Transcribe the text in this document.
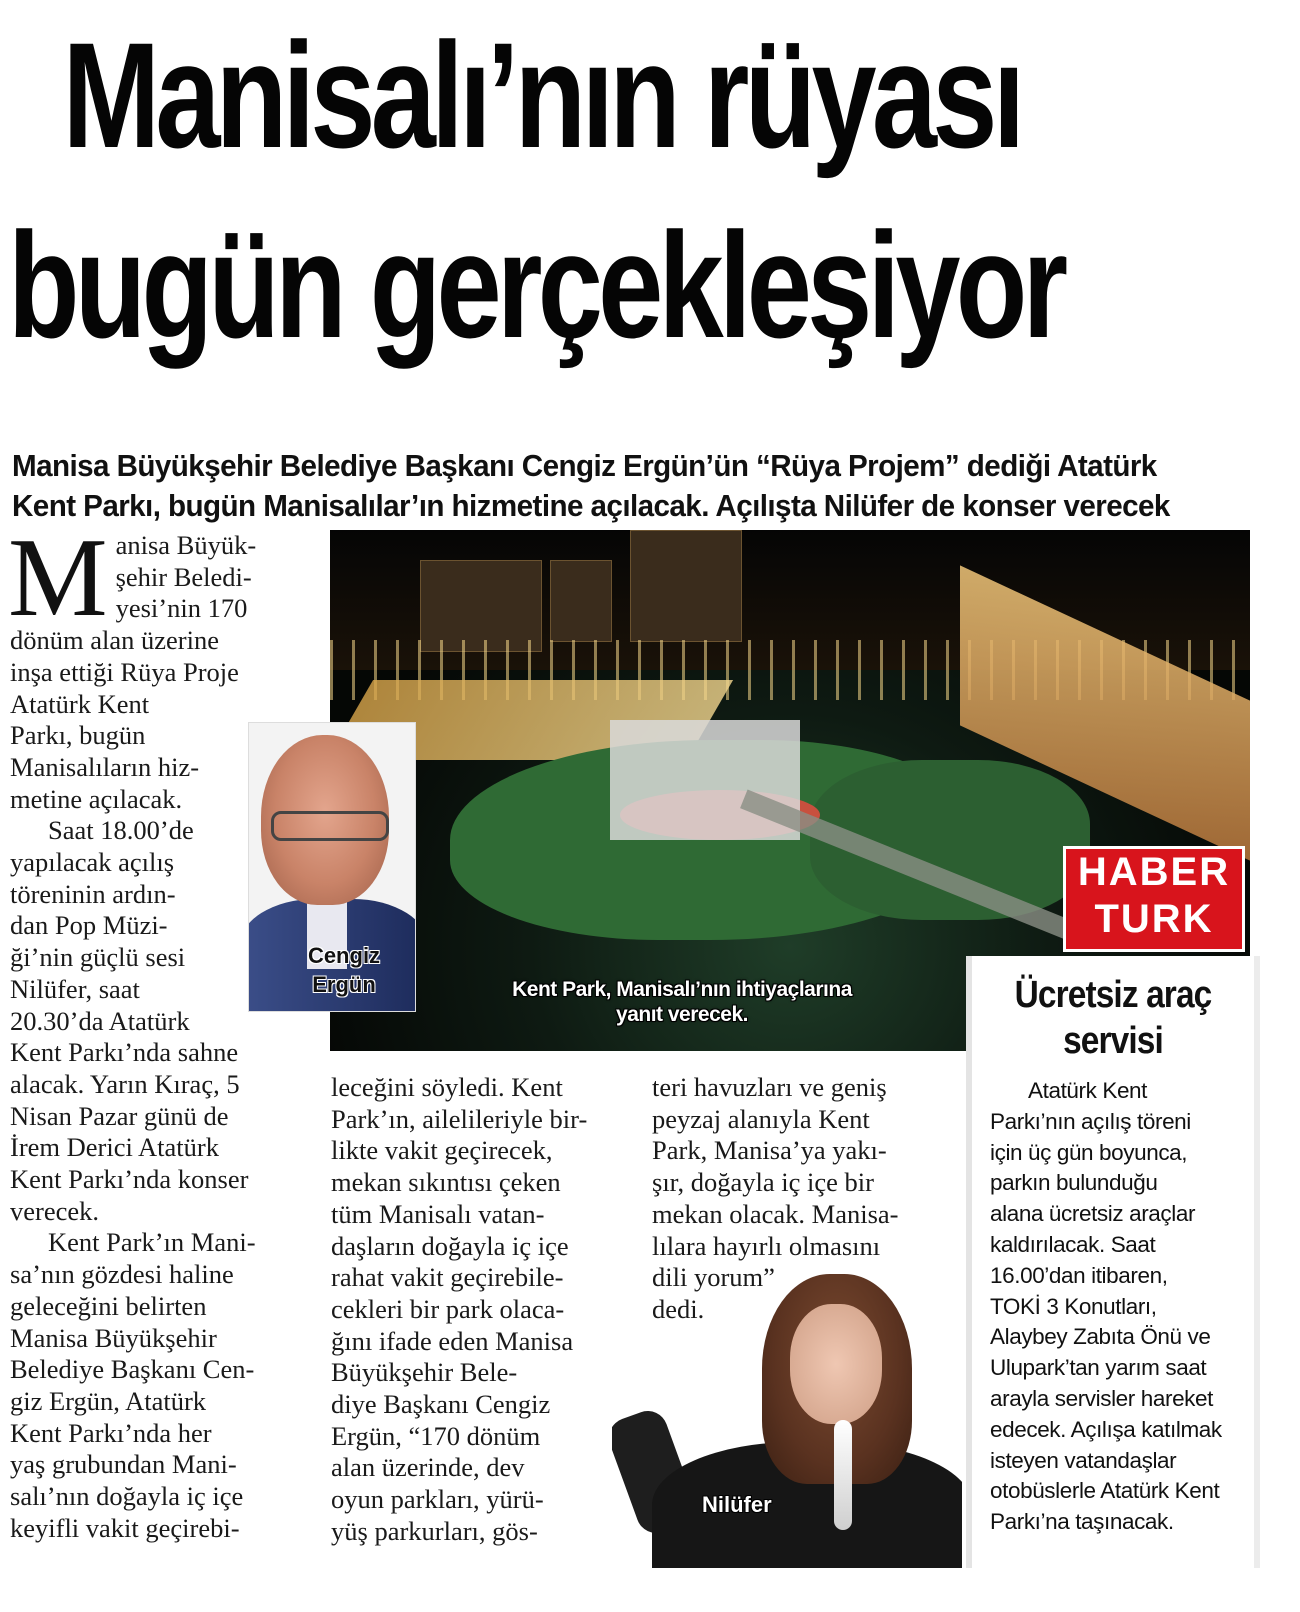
Manisalı’nın rüyası
bugün gerçekleşiyor
Manisa Büyükşehir Belediye Başkanı Cengiz Ergün’ün “Rüya Projem” dediği Atatürk
Kent Parkı, bugün Manisalılar’ın hizmetine açılacak. Açılışta Nilüfer de konser verecek
M anisa Büyük-

şehir Beledi-

yesi’nin 170

dönüm alan üzerine

inşa ettiği Rüya Proje

Atatürk Kent

Parkı, bugün

Manisalıların hiz-

metine açılacak.

Saat 18.00’de

yapılacak açılış

töreninin ardın-

dan Pop Müzi-

ği’nin güçlü sesi

Nilüfer, saat

20.30’da Atatürk

Kent Parkı’nda sahne

alacak. Yarın Kıraç, 5

Nisan Pazar günü de

İrem Derici Atatürk

Kent Parkı’nda konser

verecek.

Kent Park’ın Mani-

sa’nın gözdesi haline

geleceğini belirten

Manisa Büyükşehir

Belediye Başkanı Cen-

giz Ergün, Atatürk

Kent Parkı’nda her

yaş grubundan Mani-

salı’nın doğayla iç içe

keyifli vakit geçirebi-

Kent Park, Manisalı’nın ihtiyaçlarına
yanıt verecek.
Cengiz
Ergün
HABER
TURK

leceğini söyledi. Kent

Park’ın, ailelileriyle bir-

likte vakit geçirecek,

mekan sıkıntısı çeken

tüm Manisalı vatan-

daşların doğayla iç içe

rahat vakit geçirebile-

cekleri bir park olaca-

ğını ifade eden Manisa

Büyükşehir Bele-

diye Başkanı Cengiz

Ergün, “170 dönüm

alan üzerinde, dev

oyun parkları, yürü-

yüş parkurları, gös-

teri havuzları ve geniş

peyzaj alanıyla Kent

Park, Manisa’ya yakı-

şır, doğayla iç içe bir

mekan olacak. Manisa-

lılara hayırlı olmasını

dili yorum”

dedi.

Nilüfer
Ücretsiz araç
servisi

Atatürk Kent

Parkı’nın açılış töreni

için üç gün boyunca,

parkın bulunduğu

alana ücretsiz araçlar

kaldırılacak. Saat

16.00’dan itibaren,

TOKİ 3 Konutları,

Alaybey Zabıta Önü ve

Ulupark’tan yarım saat

arayla servisler hareket

edecek. Açılışa katılmak

isteyen vatandaşlar

otobüslerle Atatürk Kent

Parkı’na taşınacak.
